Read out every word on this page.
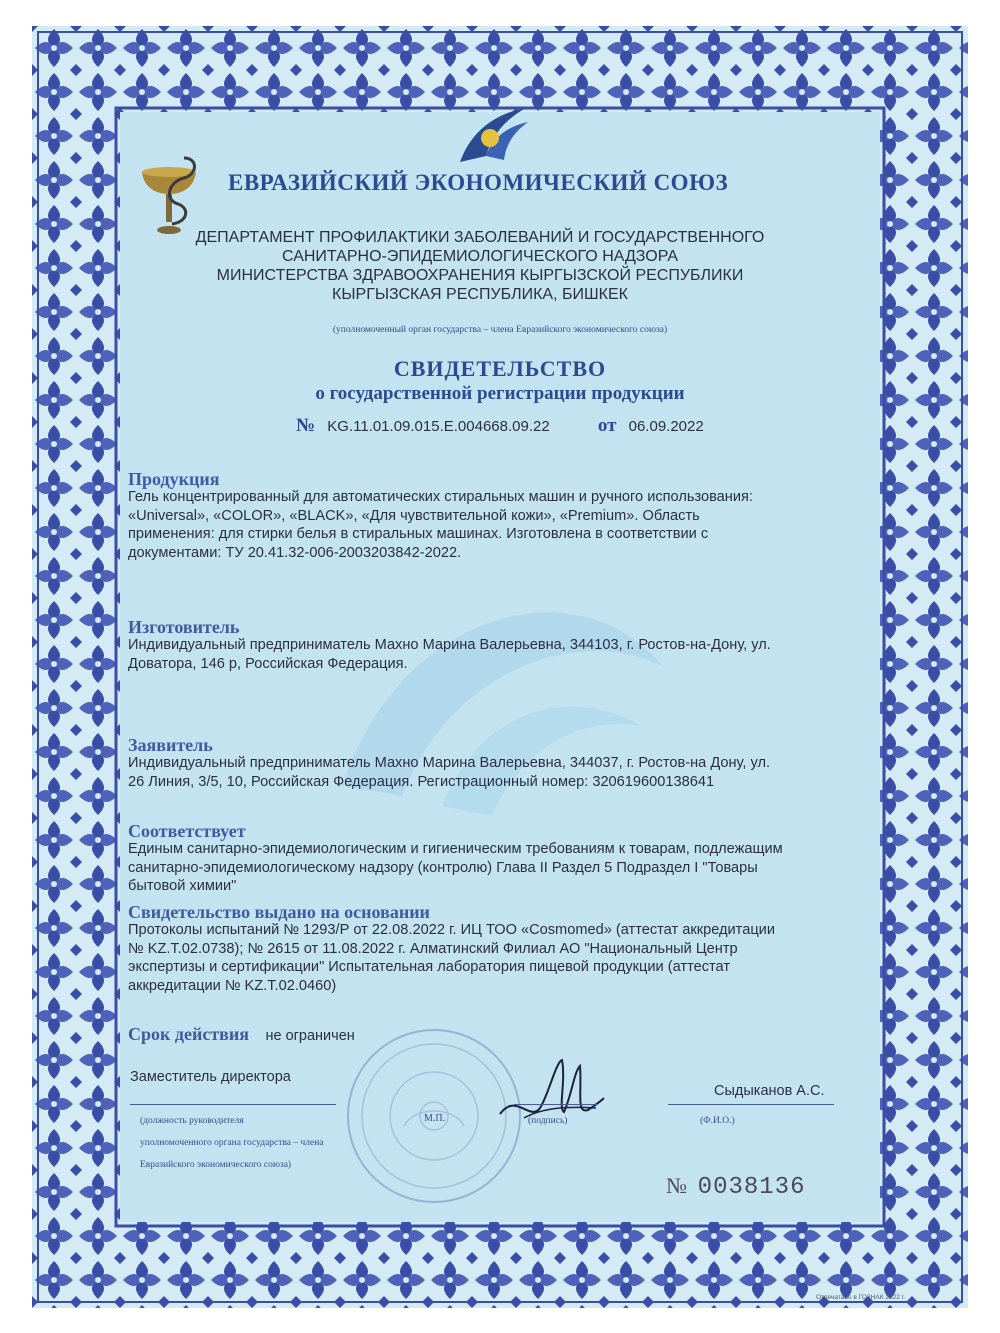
ЕВРАЗИЙСКИЙ ЭКОНОМИЧЕСКИЙ СОЮЗ
ДЕПАРТАМЕНТ ПРОФИЛАКТИКИ ЗАБОЛЕВАНИЙ И ГОСУДАРСТВЕННОГО
САНИТАРНО-ЭПИДЕМИОЛОГИЧЕСКОГО НАДЗОРА
МИНИСТЕРСТВА ЗДРАВООХРАНЕНИЯ КЫРГЫЗСКОЙ РЕСПУБЛИКИ
КЫРГЫЗСКАЯ РЕСПУБЛИКА, БИШКЕК
(уполномоченный орган государства – члена Евразийского экономического союза)
СВИДЕТЕЛЬСТВО
о государственной регистрации продукции
№ KG.11.01.09.015.E.004668.09.22	от 06.09.2022
Продукция
Гель концентрированный для автоматических стиральных машин и ручного использования:
«Universal», «COLOR», «BLACK», «Для чувствительной кожи», «Premium». Область
применения: для стирки белья в стиральных машинах. Изготовлена в соответствии с
документами: ТУ 20.41.32-006-2003203842-2022.
Изготовитель
Индивидуальный предприниматель Махно Марина Валерьевна, 344103, г. Ростов-на-Дону, ул.
Доватора, 146 р, Российская Федерация.
Заявитель
Индивидуальный предприниматель Махно Марина Валерьевна, 344037, г. Ростов-на Дону, ул.
26 Линия, 3/5, 10, Российская Федерация. Регистрационный номер: 320619600138641
Соответствует
Единым санитарно-эпидемиологическим и гигиеническим требованиям к товарам, подлежащим
санитарно-эпидемиологическому надзору (контролю) Глава II Раздел 5 Подраздел I "Товары
бытовой химии"
Свидетельство выдано на основании
Протоколы испытаний № 1293/Р от 22.08.2022 г. ИЦ ТОО «Cosmomed» (аттестат аккредитации
№ KZ.T.02.0738); № 2615 от 11.08.2022 г. Алматинский Филиал АО "Национальный Центр
экспертизы и сертификации" Испытательная лаборатория пищевой продукции (аттестат
аккредитации № KZ.T.02.0460)
Срок действия не ограничен
Заместитель директора
(должность руководителя
уполномоченного органа государства – члена
Евразийского экономического союза)
М.П.	(подпись)
Сыдыканов А.С.
(Ф.И.О.)
№ 0038136
Отпечатано в ГОЗНАК 2022 г.
